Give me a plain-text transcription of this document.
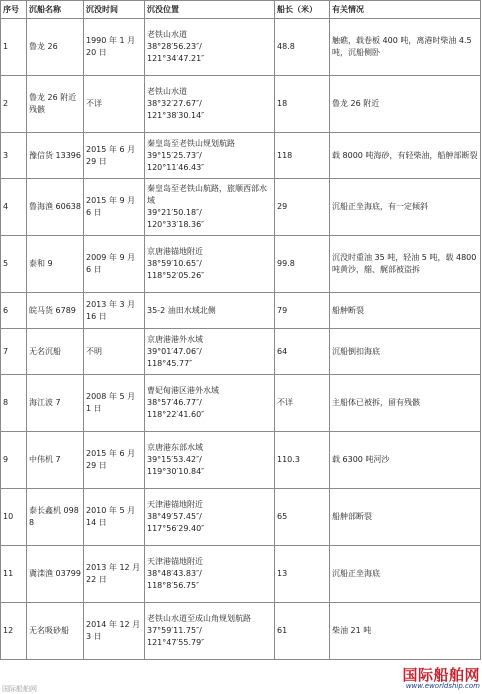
序号	沉船名称	沉没时间	沉没位置	船长（米）	有关情况
1	鲁龙 26	1990 年 1 月 20 日	老铁山水道
38°28′56.23″/
121°34′47.21″	48.8	触礁，载卷板 400 吨，离港时柴油 4.5 吨，沉船侧卧
2	鲁龙 26 附近残骸	不详	老铁山水道
38°32′27.67″/
121°38′30.14″	18	鲁龙 26 附近
3	豫信货 13396	2015 年 6 月 29 日	秦皇岛至老铁山规划航路
39°15′25.73″/
120°11′46.43″	118	载 8000 吨海砂，有轻柴油，船舯部断裂
4	鲁海渔 60638	2015 年 9 月 6 日	秦皇岛至老铁山航路，旅顺西部水域
39°21′50.18″/
120°33′18.36″	29	沉船正坐海底，有一定倾斜
5	泰和 9	2009 年 9 月 6 日	京唐港锚地附近
38°59′10.65″/
118°52′05.26″	99.8	沉没时重油 35 吨，轻油 5 吨，载 4800 吨黄沙，艏、艉部被盗拆
6	皖马货 6789	2013 年 3 月 16 日	35-2 油田水域北侧	79	船舯断裂
7	无名沉船	不明	京唐港港外水域
39°01′47.06″/
118°45.77″	64	沉船倒扣海底
8	海江波 7	2008 年 5 月 1 日	曹妃甸港区港外水域
38°57′46.77″/
118°22′41.60″	不详	主船体已被拆，留有残骸
9	中伟机 7	2015 年 6 月 29 日	京唐港东部水域
39°15′53.42″/
119°30′10.84″	110.3	载 6300 吨河沙
10	泰长鑫机 0988	2010 年 5 月 14 日	天津港锚地附近
38°49′57.45″/
117°56′29.40″	65	船舯部断裂
11	冀滦渔 03799	2013 年 12 月 22 日	天津港锚地附近
38°48′43.83″/
118°8′56.75″	13	沉船正坐海底
12	无名吸砂船	2014 年 12 月 3 日	老铁山水道至成山角规划航路
37°59′11.75″/
121°47′55.79″	61	柴油 21 吨
国际船舶网
国际船舶网
www.eworldship.com
